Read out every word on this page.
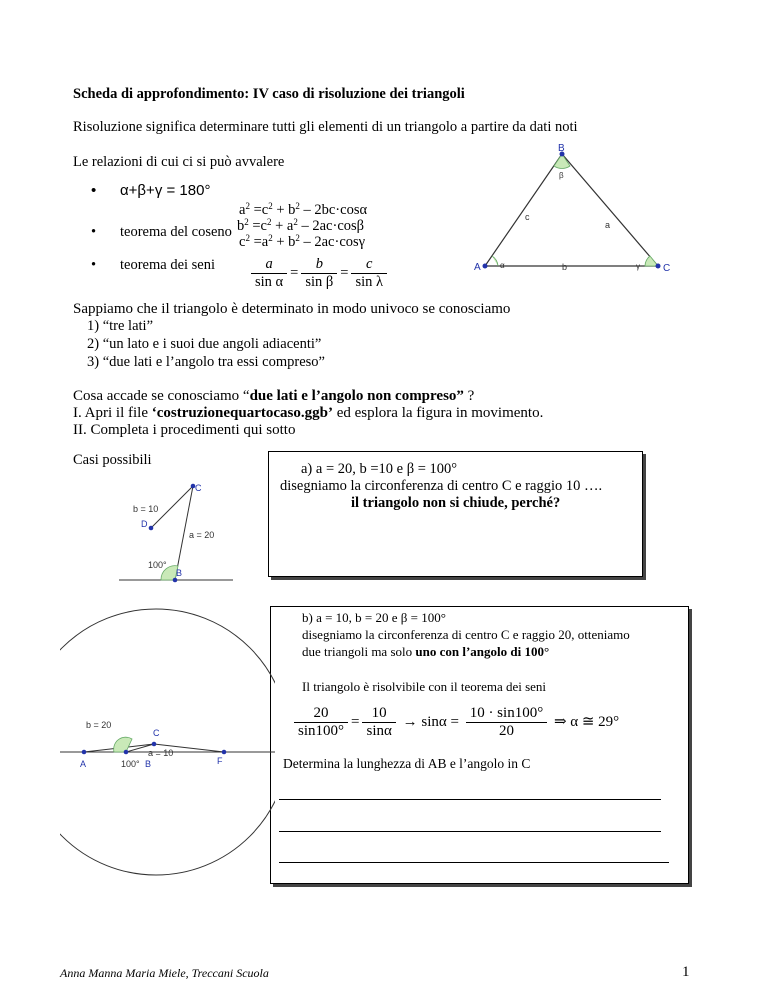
Scheda di approfondimento: IV caso di risoluzione dei triangoli
Risoluzione significa determinare tutti gli elementi di un triangolo a partire da dati noti
Le relazioni di cui ci si può avvalere
• α+β+γ = 180°
• teorema del coseno
$a^2 =c^2 + b^2 - 2bc\cdot\cos\alpha$
$b^2 =c^2 + a^2 - 2ac\cdot\cos\beta$
$c^2 =a^2 + b^2 - 2ac\cdot\cos\gamma$
• teorema dei seni $\frac{a}{\text{sin α}} = \frac{b}{\text{sin β}} = \frac{c}{\text{sin λ}}$	A
B
C
c
a
b
α
β
γ
Sappiamo che il triangolo è determinato in modo univoco se conosciamo
1) “tre lati”
2) “un lato e i suoi due angoli adiacenti”
3) “due lati e l’angolo tra essi compreso”
Cosa accade se conosciamo “due lati e l’angolo non compreso” ?
I. Apri il file ‘costruzionequartocaso.ggb’ ed esplora la figura in movimento.
II. Completa i procedimenti qui sotto
Casi possibili
a) a = 20, b =10 e β = 100°
disegniamo la circonferenza di centro C e raggio 10 ….
il triangolo non si chiude, perché?
C
D
B
b = 10
a = 20
100°
b) a = 10, b = 20 e β = 100°
disegniamo la circonferenza di centro C e raggio 20, otteniamo
due triangoli ma solo uno con l’angolo di 100°
Il triangolo è risolvibile con il teorema dei seni
$\frac{20}{\sin 100^\circ} = \frac{10}{\sin\alpha} \to \sin\alpha = \frac{10 \cdot \sin 100^\circ}{20}$ ⇒ α ≅ 29°
Determina la lunghezza di AB e l’angolo in C
A	B
C
F
b = 20
a = 10
100°
Anna Manna Maria Miele, Treccani Scuola	1
